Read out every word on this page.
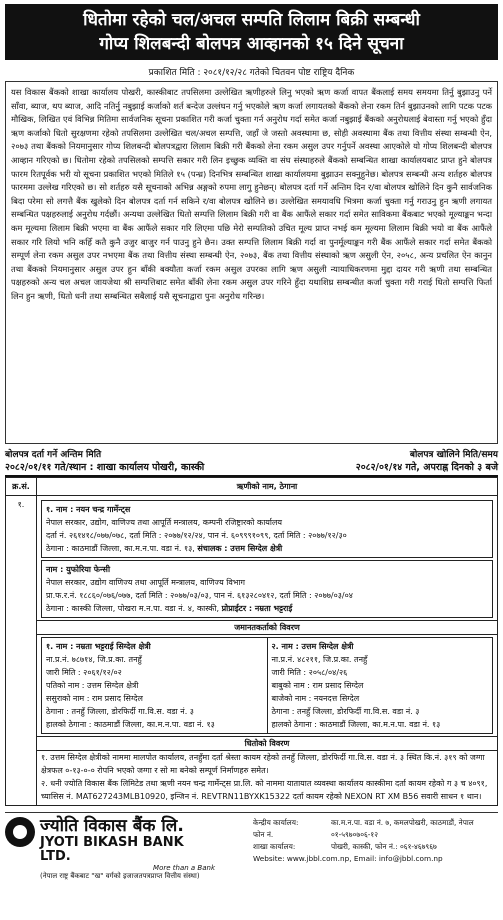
धितोमा रहेको चल/अचल सम्पति लिलाम बिक्री सम्बन्धी
गोप्य शिलबन्दी बोलपत्र आव्हानको १५ दिने सूचना
प्रकाशित मिति : २०८१/१२/२८ गतेको चितवन पोष्ट राष्ट्रिय दैनिक
यस विकास बैंकको शाखा कार्यालय पोखरी, कास्कीबाट तपसिलमा उल्लेखित ऋणीहरुले लिनु भएको ऋण कर्जा वापत बैंकलाई समय समयमा तिर्नु बुझाउनु पर्ने साँवा, ब्याज, थप ब्याज, आदि नतिर्नु नबुझाई कर्जाको शर्त बन्देज उल्लंघन गर्नु भएकोले ऋण कर्जा लगायतको बैंकको लेना रकम तिर्न बुझाउनको लागि पटक पटक मौखिक, लिखित एवं विभिन्न मितिमा सार्वजनिक सूचना प्रकाशित गरी कर्जा चुक्ता गर्न अनुरोध गर्दा समेत कर्जा नबुझाई बैंकको अनुरोधलाई बेवास्ता गर्नु भएको हुँदा ऋण कर्जाको धितो सुरक्षणमा रहेको तपसिलमा उल्लेखित चल/अचल सम्पत्ति, जहाँ जे जस्तो अवस्थामा छ, सोही अवस्थामा बैंक तथा वित्तीय संस्था सम्बन्धी ऐन, २०७३ तथा बैंकको नियमानुसार गोप्य शिलबन्दी बोलपत्रद्वारा लिलाम बिक्री गरी बैंकको लेना रकम असुल उपर गर्नुपर्ने अवस्था आएकोले यो गोप्य शिलबन्दी बोलपत्र आव्हान गरिएको छ। धितोमा रहेको तपसिलको सम्पत्ति सकार गरी लिन इच्छुक व्यक्ति वा संघ संस्थाहरुले बैंकको सम्बन्धित शाखा कार्यालयबाट प्राप्त हुने बोलपत्र फारम रितपूर्वक भरी यो सूचना प्रकाशित भएको मितिले १५ (पन्ध्र) दिनभित्र सम्बन्धित शाखा कार्यालयमा बुझाउन सक्नुहुनेछ। बोलपत्र सम्बन्धी अन्य शर्तहरु बोलपत्र फारममा उल्लेख गरिएको छ। सो शर्तहरु यसै सूचनाको अभिन्न अङ्गको रुपमा लागु हुनेछन्। बोलपत्र दर्ता गर्ने अन्तिम दिन र/वा बोलपत्र खोलिने दिन कुनै सार्वजनिक बिदा परेमा सो लगत्तै बैंक खुलेको दिन बोलपत्र दर्ता गर्न सकिने र/वा बोलपत्र खोलिने छ। उल्लेखित समयावधि भित्रमा कर्जा चुक्ता गर्नु गराउनु हुन ऋणी लगायत सम्बन्धित पक्षहरुलाई अनुरोध गर्दछौं। अन्यथा उल्लेखित धितो सम्पत्ति लिलाम बिक्री गरी वा बैंक आफैंले सकार गर्दा समेत साविकमा बैंकबाट भएको मूल्याङ्कन भन्दा कम मूल्यमा लिलाम बिक्री भएमा वा बैंक आफैंले सकार गरि लिएमा पछि मेरो सम्पतिको उचित मूल्य प्राप्त नभई कम मूल्यमा लिलाम बिक्री भयो वा बैंक आफैंले सकार गरि लियो भनि कहिँ कतै कुनै उजुर बाजुर गर्न पाउनु हुने छैन। उक्त सम्पत्ति लिलाम बिक्री गर्दा वा पुनर्मूल्याङ्कन गरी बैंक आफैंले सकार गर्दा समेत बैंकको सम्पूर्ण लेना रकम असुल उपर नभएमा बैंक तथा वित्तीय संस्था सम्बन्धी ऐन, २०७३, बैंक तथा वित्तीय संस्थाको ऋण असुली ऐन, २०५८, अन्य प्रचलित ऐन कानुन तथा बैंकको नियमानुसार असुल उपर हुन बाँकी बक्यौता कर्जा रकम असुल उपरका लागि ऋण असुली न्यायाधिकरणमा मुद्दा दायर गरी ऋणी तथा सम्बन्धित पक्षहरुको अन्य चल अचल जायजेथा श्री सम्पत्तिबाट समेत बाँकी लेना रकम असुल उपर गरिने हुँदा यथाशिघ्र सम्बन्धीत कर्जा चुक्ता गरी गराई धितो सम्पत्ति फिर्ता लिन हुन ऋणी, धितो धनी तथा सम्बन्धित सबैलाई यसै सूचनाद्वारा पुनः अनुरोध गरिन्छ।
बोलपत्र दर्ता गर्ने अन्तिम मिति	बोलपत्र खोलिने मिति/समय
२०८२/०१/११ गते/स्थान : शाखा कार्यालय पोखरी, कास्की	२०८२/०१/१४ गते, अपराह्न दिनको ३ बजे
क्र.सं.	ऋणीको नाम, ठेगाना
१.	
१. नाम : नयन चन्द्र गार्मेन्ट्स
नेपाल सरकार, उद्योग, वाणिज्य तथा आपूर्ति मन्त्रालय, कम्पनी रजिष्ट्रारको कार्यालय
दर्ता नं. २६१४१८/०७७/०७८, दर्ता मिति : २०७७/१२/२४, पान नं. ६०९९९१०९९, दर्ता मिति : २०७७/१२/३०
ठेगाना : काठमाडौं जिल्ला, का.म.न.पा. वडा नं. १३, संचालक : उत्तम सिग्देल क्षेत्री
नाम : युफोरिया फेन्सी
नेपाल सरकार, उद्योग वाणिज्य तथा आपूर्ति मन्त्रालय, वाणिज्य विभाग
प्रा.फ.र.नं. १८८६०/०७६/०७७, दर्ता मिति : २०७७/०३/०३, पान नं. ६१३२८०४१२, दर्ता मिति : २०७७/०३/०४
ठेगाना : कास्की जिल्ला, पोखरा म.न.पा. वडा नं. ४, कास्की, प्रोप्राईटर : नम्रता भट्टराई
जमानतकर्ताको विवरण
१. नाम : नम्रता भट्टराई सिग्देल क्षेत्री
ना.प्र.नं. ७८७१४, जि.प्र.का. तनहुँ
जारी मिति : २०६१/१२/०२
पतिको नाम : उत्तम सिग्देल क्षेत्री
ससुराको नाम : राम प्रसाद सिग्देल
ठेगाना : तनहुँ जिल्ला, डोरफिर्दी गा.वि.स. वडा नं. ३
हालको ठेगाना : काठमाडौं जिल्ला, का.म.न.पा. वडा नं. १३

२. नाम : उत्तम सिग्देल क्षेत्री
ना.प्र.नं. ४८२११, जि.प्र.का. तनहुँ
जारी मिति : २०५८/०४/२६
बाबुको नाम : राम प्रसाद सिग्देल
बाजेको नाम : नयनदत्त सिग्देल
ठेगाना : तनहुँ जिल्ला, डोरफिर्दी गा.वि.स. वडा नं. ३
हालको ठेगाना : काठमाडौं जिल्ला, का.म.न.पा. वडा नं. १३
धितोको विवरण
१. उत्तम सिग्देल क्षेत्रीको नाममा मालपोत कार्यालय, तनहुँमा दर्ता श्रेस्ता कायम रहेको तनहुँ जिल्ला, डोरफिर्दी गा.वि.स. वडा नं. ३ स्थित कि.नं. ३१९ को जग्गा क्षेत्रफल ०-१३-०-० रोपनि भएको जग्गा र सो मा बनेको सम्पूर्ण निर्माणहरु समेत।
२. धनी ज्योति विकास बैंक लिमिटेड तथा ऋणी नयन चन्द्र गार्मेन्ट्स प्रा.लि. को नाममा यातायात व्यवस्था कार्यालय कास्कीमा दर्ता कायम रहेको ग ३ च ४०९१, च्यासिस नं. MAT627243MLB10920, इन्जिन नं. REVTRN11BYXK15322 दर्ता कायम रहेको NEXON RT XM B56 सवारी साधन १ थान।
ज्योति विकास बैंक लि.
JYOTI BIKASH BANK LTD.
More than a Bank
(नेपाल राष्ट्र बैंकबाट "ख" वर्गको इजाजतपत्रप्राप्त वित्तीय संस्था)
केन्द्रीय कार्यालय:	का.म.न.पा. वडा नं. ७, कमलपोखरी, काठमाडौं, नेपाल
फोन नं.	०१-५९७०७०६-१२
शाखा कार्यालय:	पोखरी, कास्की, फोन नं.: ०६१-४६७९६७
Website: www.jbbl.com.np, Email: info@jbbl.com.np
